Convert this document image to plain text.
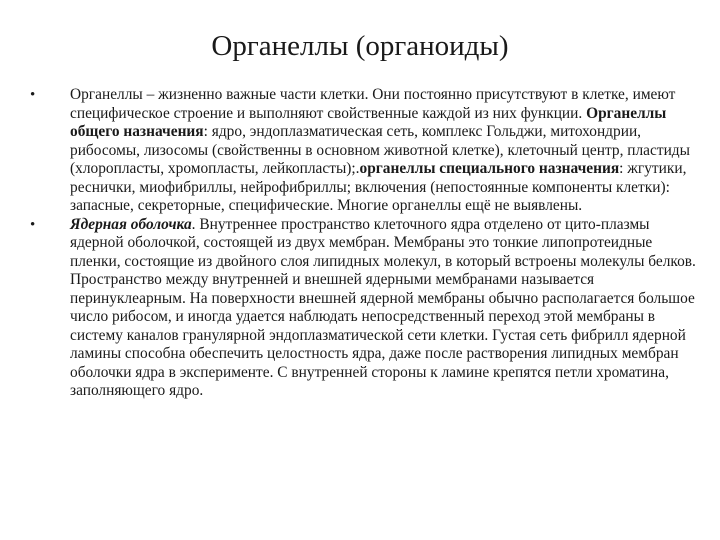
Органеллы (органоиды)
• Органеллы – жизненно важные части клетки. Они постоянно присутствуют в клетке, имеют специфическое строение и выполняют свойственные каждой из них функции. Органеллы общего назначения: ядро, эндоплазматическая сеть, комплекс Гольджи, митохондрии, рибосомы, лизосомы (свойственны в основном животной клетке), клеточный центр, пластиды (хлоропласты, хромопласты, лейкопласты);.органеллы специального назначения: жгутики, реснички, миофибриллы, нейрофибриллы; включения (непостоянные компоненты клетки): запасные, секреторные, специфические. Многие органеллы ещё не выявлены.
• Ядерная оболочка. Внутреннее пространство клеточного ядра отделено от цито-плазмы ядерной оболочкой, состоящей из двух мембран. Мембраны это тонкие липопротеидные пленки, состоящие из двойного слоя липидных молекул, в который встроены молекулы белков. Пространство между внутренней и внешней ядерными мембранами называется перинуклеарным. На поверхности внешней ядерной мембраны обычно располагается большое число рибосом, и иногда удается наблюдать непосредственный переход этой мембраны в систему каналов гранулярной эндоплазматической сети клетки. Густая сеть фибрилл ядерной ламины способна обеспечить целостность ядра, даже после растворения липидных мембран оболочки ядра в эксперименте. С внутренней стороны к ламине крепятся петли хроматина, заполняющего ядро.
